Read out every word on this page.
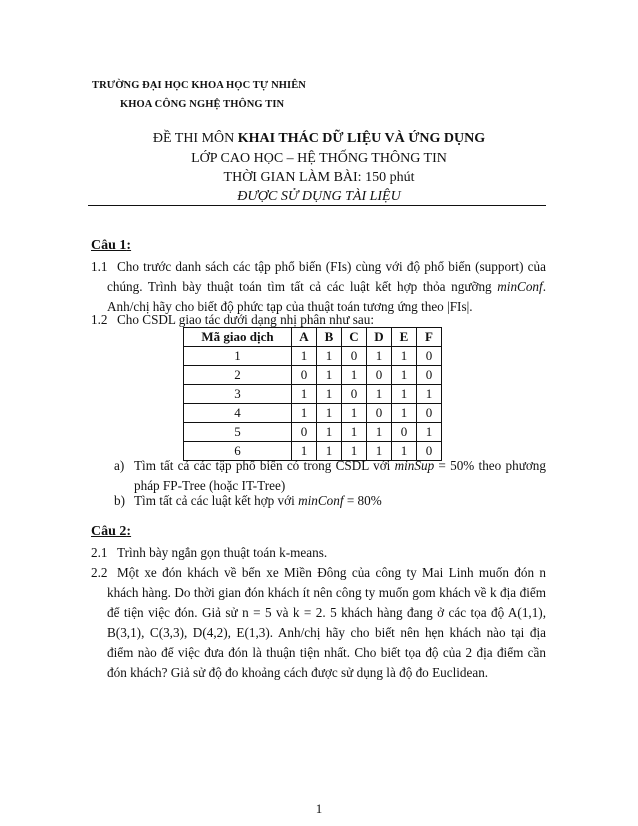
TRƯỜNG ĐẠI HỌC KHOA HỌC TỰ NHIÊN
KHOA CÔNG NGHỆ THÔNG TIN
ĐỀ THI MÔN KHAI THÁC DỮ LIỆU VÀ ỨNG DỤNG
LỚP CAO HỌC – HỆ THỐNG THÔNG TIN
THỜI GIAN LÀM BÀI: 150 phút
ĐƯỢC SỬ DỤNG TÀI LIỆU
Câu 1:
1.1 Cho trước danh sách các tập phổ biến (FIs) cùng với độ phổ biến (support) của chúng. Trình bày thuật toán tìm tất cả các luật kết hợp thỏa ngưỡng minConf. Anh/chị hãy cho biết độ phức tạp của thuật toán tương ứng theo |FIs|.
1.2 Cho CSDL giao tác dưới dạng nhị phân như sau:
Mã giao dịch	A	B	C	D	E	F
1	1	1	0	1	1	0
2	0	1	1	0	1	0
3	1	1	0	1	1	1
4	1	1	1	0	1	0
5	0	1	1	1	0	1
6	1	1	1	1	1	0
a) Tìm tất cả các tập phổ biến có trong CSDL với minSup = 50% theo phương pháp FP-Tree (hoặc IT-Tree)
b) Tìm tất cả các luật kết hợp với minConf = 80%
Câu 2:
2.1 Trình bày ngắn gọn thuật toán k-means.
2.2 Một xe đón khách về bến xe Miền Đông của công ty Mai Linh muốn đón n khách hàng. Do thời gian đón khách ít nên công ty muốn gom khách về k địa điểm để tiện việc đón. Giả sử n = 5 và k = 2. 5 khách hàng đang ở các tọa độ A(1,1), B(3,1), C(3,3), D(4,2), E(1,3). Anh/chị hãy cho biết nên hẹn khách nào tại địa điểm nào để việc đưa đón là thuận tiện nhất. Cho biết tọa độ của 2 địa điểm cần đón khách? Giả sử độ đo khoảng cách được sử dụng là độ đo Euclidean.
1
